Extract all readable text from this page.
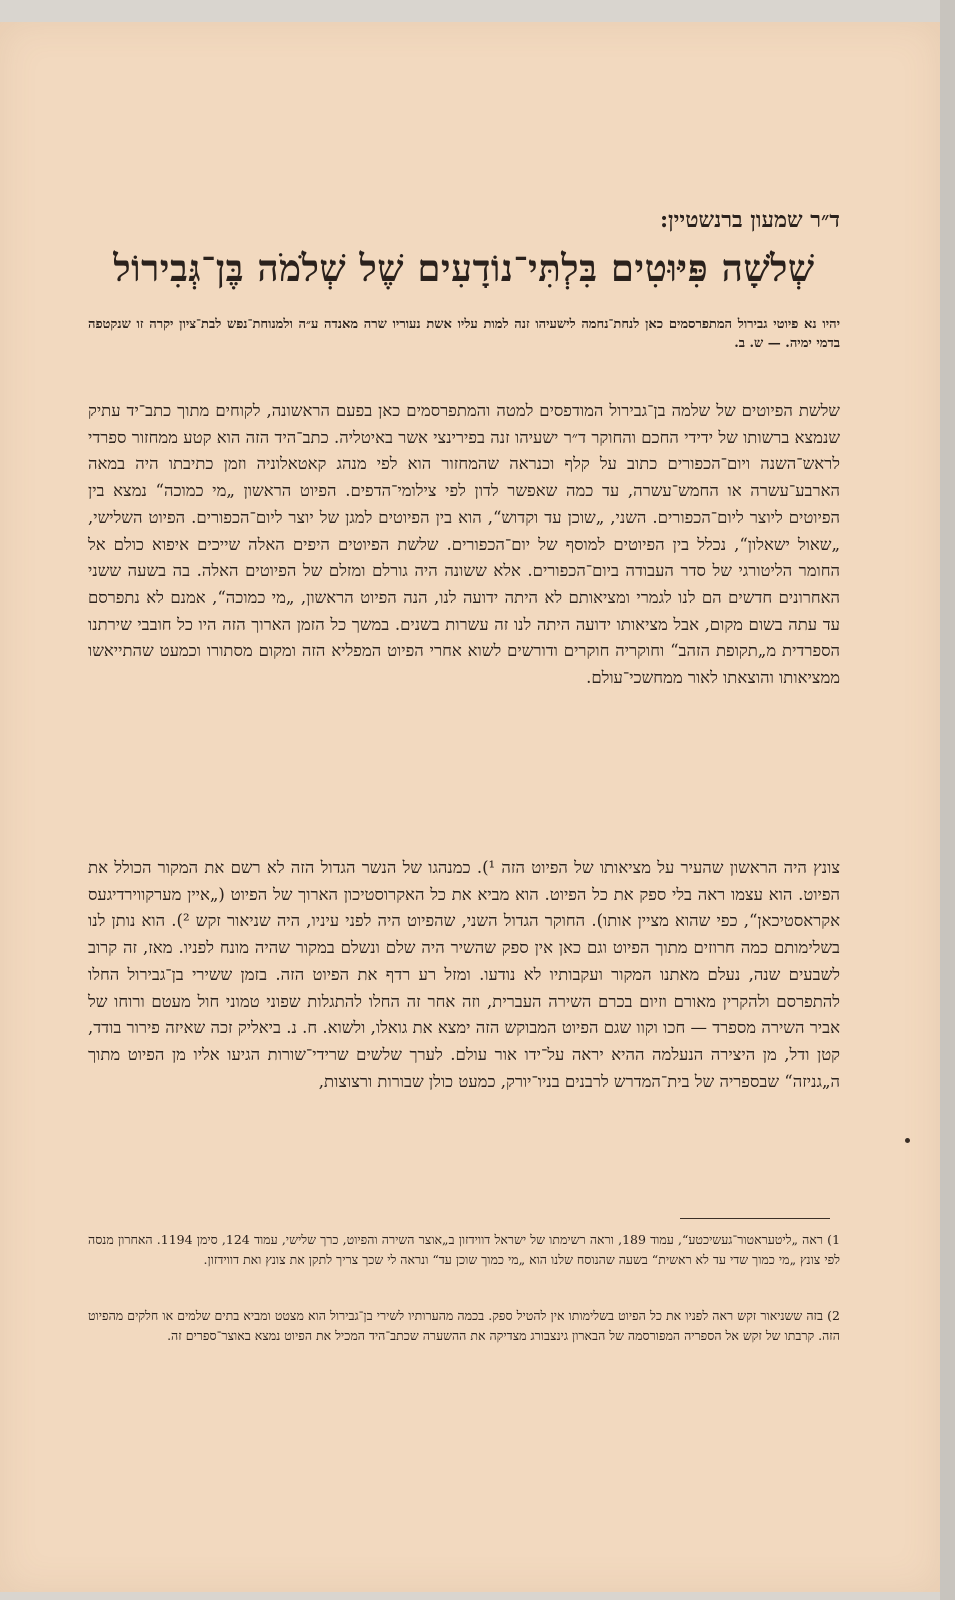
ד״ר שמעון ברנשטיין:
שְׁלֹשָׁה פִּיּוּטִים בִּלְתִּי־נוֹדָעִים שֶׁל שְׁלֹמֹה בֶּן־גְּבִירוֹל
יהיו נא פיוטי גבירול המתפרסמים כאן לנחת־נחמה לישעיהו זנה למות עליו אשת נעוריו שרה מאנדה ע״ה ולמנוחת־נפש לבת־ציון יקרה זו שנקטפה בדמי ימיה. — ש. ב.

שלשת הפיוטים של שלמה בן־גבירול המודפסים למטה והמתפרסמים כאן בפעם הראשונה, לקוחים מתוך כתב־יד עתיק שנמצא ברשותו של ידידי החכם והחוקר ד״ר ישעיהו זנה בפירינצי אשר באיטליה. כתב־היד הזה הוא קטע ממחזור ספרדי לראש־השנה ויום־הכפורים כתוב על קלף וכנראה שהמחזור הוא לפי מנהג קאטאלוניה וזמן כתיבתו היה במאה הארבע־עשרה או החמש־עשרה, עד כמה שאפשר לדון לפי צילומי־הדפים. הפיוט הראשון „מי כמוכה“ נמצא בין הפיוטים ליוצר ליום־הכפורים. השני, „שוכן עד וקדוש“, הוא בין הפיוטים למגן של יוצר ליום־הכפורים. הפיוט השלישי, „שאול ישאלון“, נכלל בין הפיוטים למוסף של יום־הכפורים. שלשת הפיוטים היפים האלה שייכים איפוא כולם אל החומר הליטורגי של סדר העבודה ביום־הכפורים. אלא ששונה היה גורלם ומזלם של הפיוטים האלה. בה בשעה ששני האחרונים חדשים הם לנו לגמרי ומציאותם לא היתה ידועה לנו, הנה הפיוט הראשון, „מי כמוכה“, אמנם לא נתפרסם עד עתה בשום מקום, אבל מציאותו ידועה היתה לנו זה עשרות בשנים. במשך כל הזמן הארוך הזה היו כל חובבי שירתנו הספרדית מ„תקופת הזהב“ וחוקריה חוקרים ודורשים לשוא אחרי הפיוט המפליא הזה ומקום מסתורו וכמעט שהתייאשו ממציאותו והוצאתו לאור ממחשכי־עולם.

צונץ היה הראשון שהעיר על מציאותו של הפיוט הזה ¹). כמנהגו של הנשר הגדול הזה לא רשם את המקור הכולל את הפיוט. הוא עצמו ראה בלי ספק את כל הפיוט. הוא מביא את כל האקרוסטיכון הארוך של הפיוט („איין מערקווירדיגעס אקראסטיכאן“, כפי שהוא מציין אותו). החוקר הגדול השני, שהפיוט היה לפני עיניו, היה שניאור זקש ²). הוא נותן לנו בשלימותם כמה חרוזים מתוך הפיוט וגם כאן אין ספק שהשיר היה שלם ונשלם במקור שהיה מונח לפניו. מאז, זה קרוב לשבעים שנה, נעלם מאתנו המקור ועקבותיו לא נודעו. ומזל רע רדף את הפיוט הזה. בזמן ששירי בן־גבירול החלו להתפרסם ולהקרין מאורם וזיום בכרם השירה העברית, וזה אחר זה החלו להתגלות שפוני טמוני חול מעטם ורוחו של אביר השירה מספרד — חכו וקוו שגם הפיוט המבוקש הזה ימצא את גואלו, ולשוא. ח. נ. ביאליק זכה שאיזה פירור בודד, קטן ודל, מן היצירה הנעלמה ההיא יראה על־ידו אור עולם. לערך שלשים שרידי־שורות הגיעו אליו מן הפיוט מתוך ה„גניזה“ שבספריה של בית־המדרש לרבנים בניו־יורק, כמעט כולן שבורות ורצוצות,

1) ראה „ליטעראטור־געשיכטע“, עמוד 189, וראה רשימתו של ישראל דווידזון ב„אוצר השירה והפיוט, כרך שלישי, עמוד 124, סימן 1194. האחרון מנסה לפי צונץ „מי כמוך שדי עד לא ראשית“ בשעה שהנוסח שלנו הוא „מי כמוך שוכן עד“ ונראה לי שכך צריך לתקן את צונץ ואת דווידזון.

2) בזה ששניאור זקש ראה לפניו את כל הפיוט בשלימותו אין להטיל ספק. בכמה מהערותיו לשירי בן־גבירול הוא מצטט ומביא בתים שלמים או חלקים מהפיוט הזה. קרבתו של זקש אל הספריה המפורסמה של הבארון גינצבורג מצדיקה את ההשערה שכתב־היד המכיל את הפיוט נמצא באוצר־ספרים זה.
